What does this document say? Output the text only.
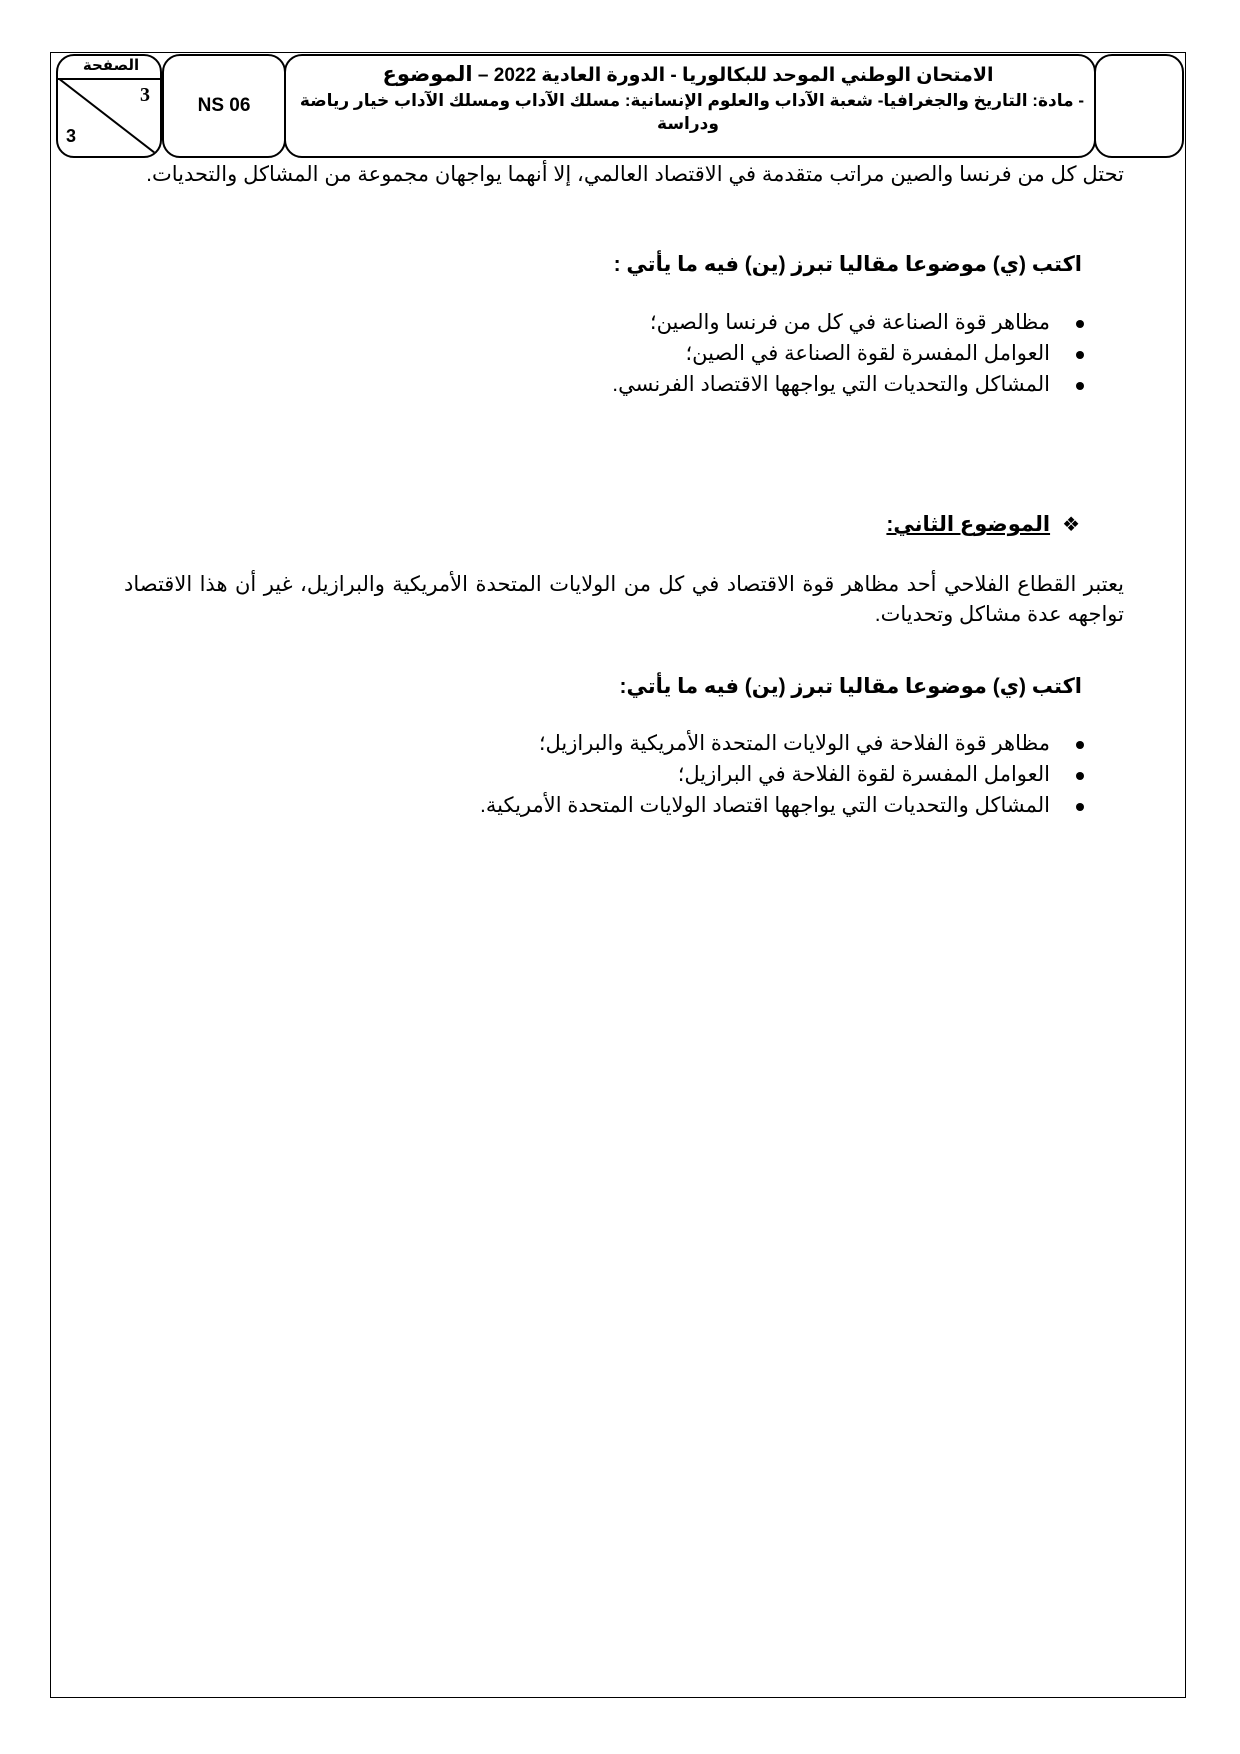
الصفحة
3
3
NS 06
الامتحان الوطني الموحد للبكالوريا - الدورة العادية 2022 – الموضوع
- مادة: التاريخ والجغرافيا- شعبة الآداب والعلوم الإنسانية: مسلك الآداب ومسلك الآداب خيار رياضة
ودراسة
تحتل كل من فرنسا والصين مراتب متقدمة في الاقتصاد العالمي، إلا أنهما يواجهان مجموعة من المشاكل والتحديات.
اكتب (ي) موضوعا مقاليا تبرز (ين) فيه ما يأتي :
مظاهر قوة الصناعة في كل من فرنسا والصين؛
العوامل المفسرة لقوة الصناعة في الصين؛
المشاكل والتحديات التي يواجهها الاقتصاد الفرنسي.
❖الموضوع الثاني:
يعتبر القطاع الفلاحي أحد مظاهر قوة الاقتصاد في كل من الولايات المتحدة الأمريكية والبرازيل، غير أن هذا الاقتصاد تواجهه عدة مشاكل وتحديات.
اكتب (ي) موضوعا مقاليا تبرز (ين) فيه ما يأتي:
مظاهر قوة الفلاحة في الولايات المتحدة الأمريكية والبرازيل؛
العوامل المفسرة لقوة الفلاحة في البرازيل؛
المشاكل والتحديات التي يواجهها اقتصاد الولايات المتحدة الأمريكية.
